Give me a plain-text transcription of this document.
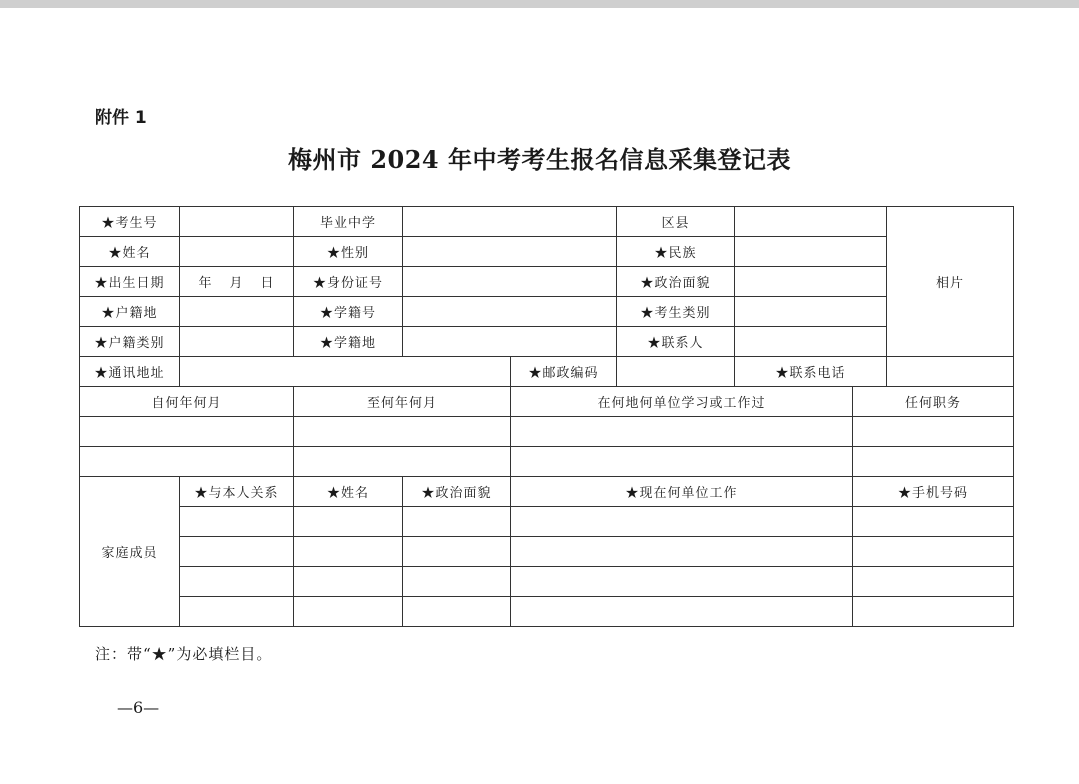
附件 1
梅州市 2024 年中考考生报名信息采集登记表
★考生号		毕业中学			区县			相片
★姓名		★性别			★民族			
★出生日期	年 月 日	★身份证号			★政治面貌			
★户籍地		★学籍号			★考生类别			
★户籍类别		★学籍地			★联系人			
★通讯地址				★邮政编码		★联系电话		
自何年何月		至何年何月		在何地何单位学习或工作过			任何职务	

家庭成员	★与本人关系	★姓名	★政治面貌	★现在何单位工作			★手机号码	

注：带“★”为必填栏目。
—6—
